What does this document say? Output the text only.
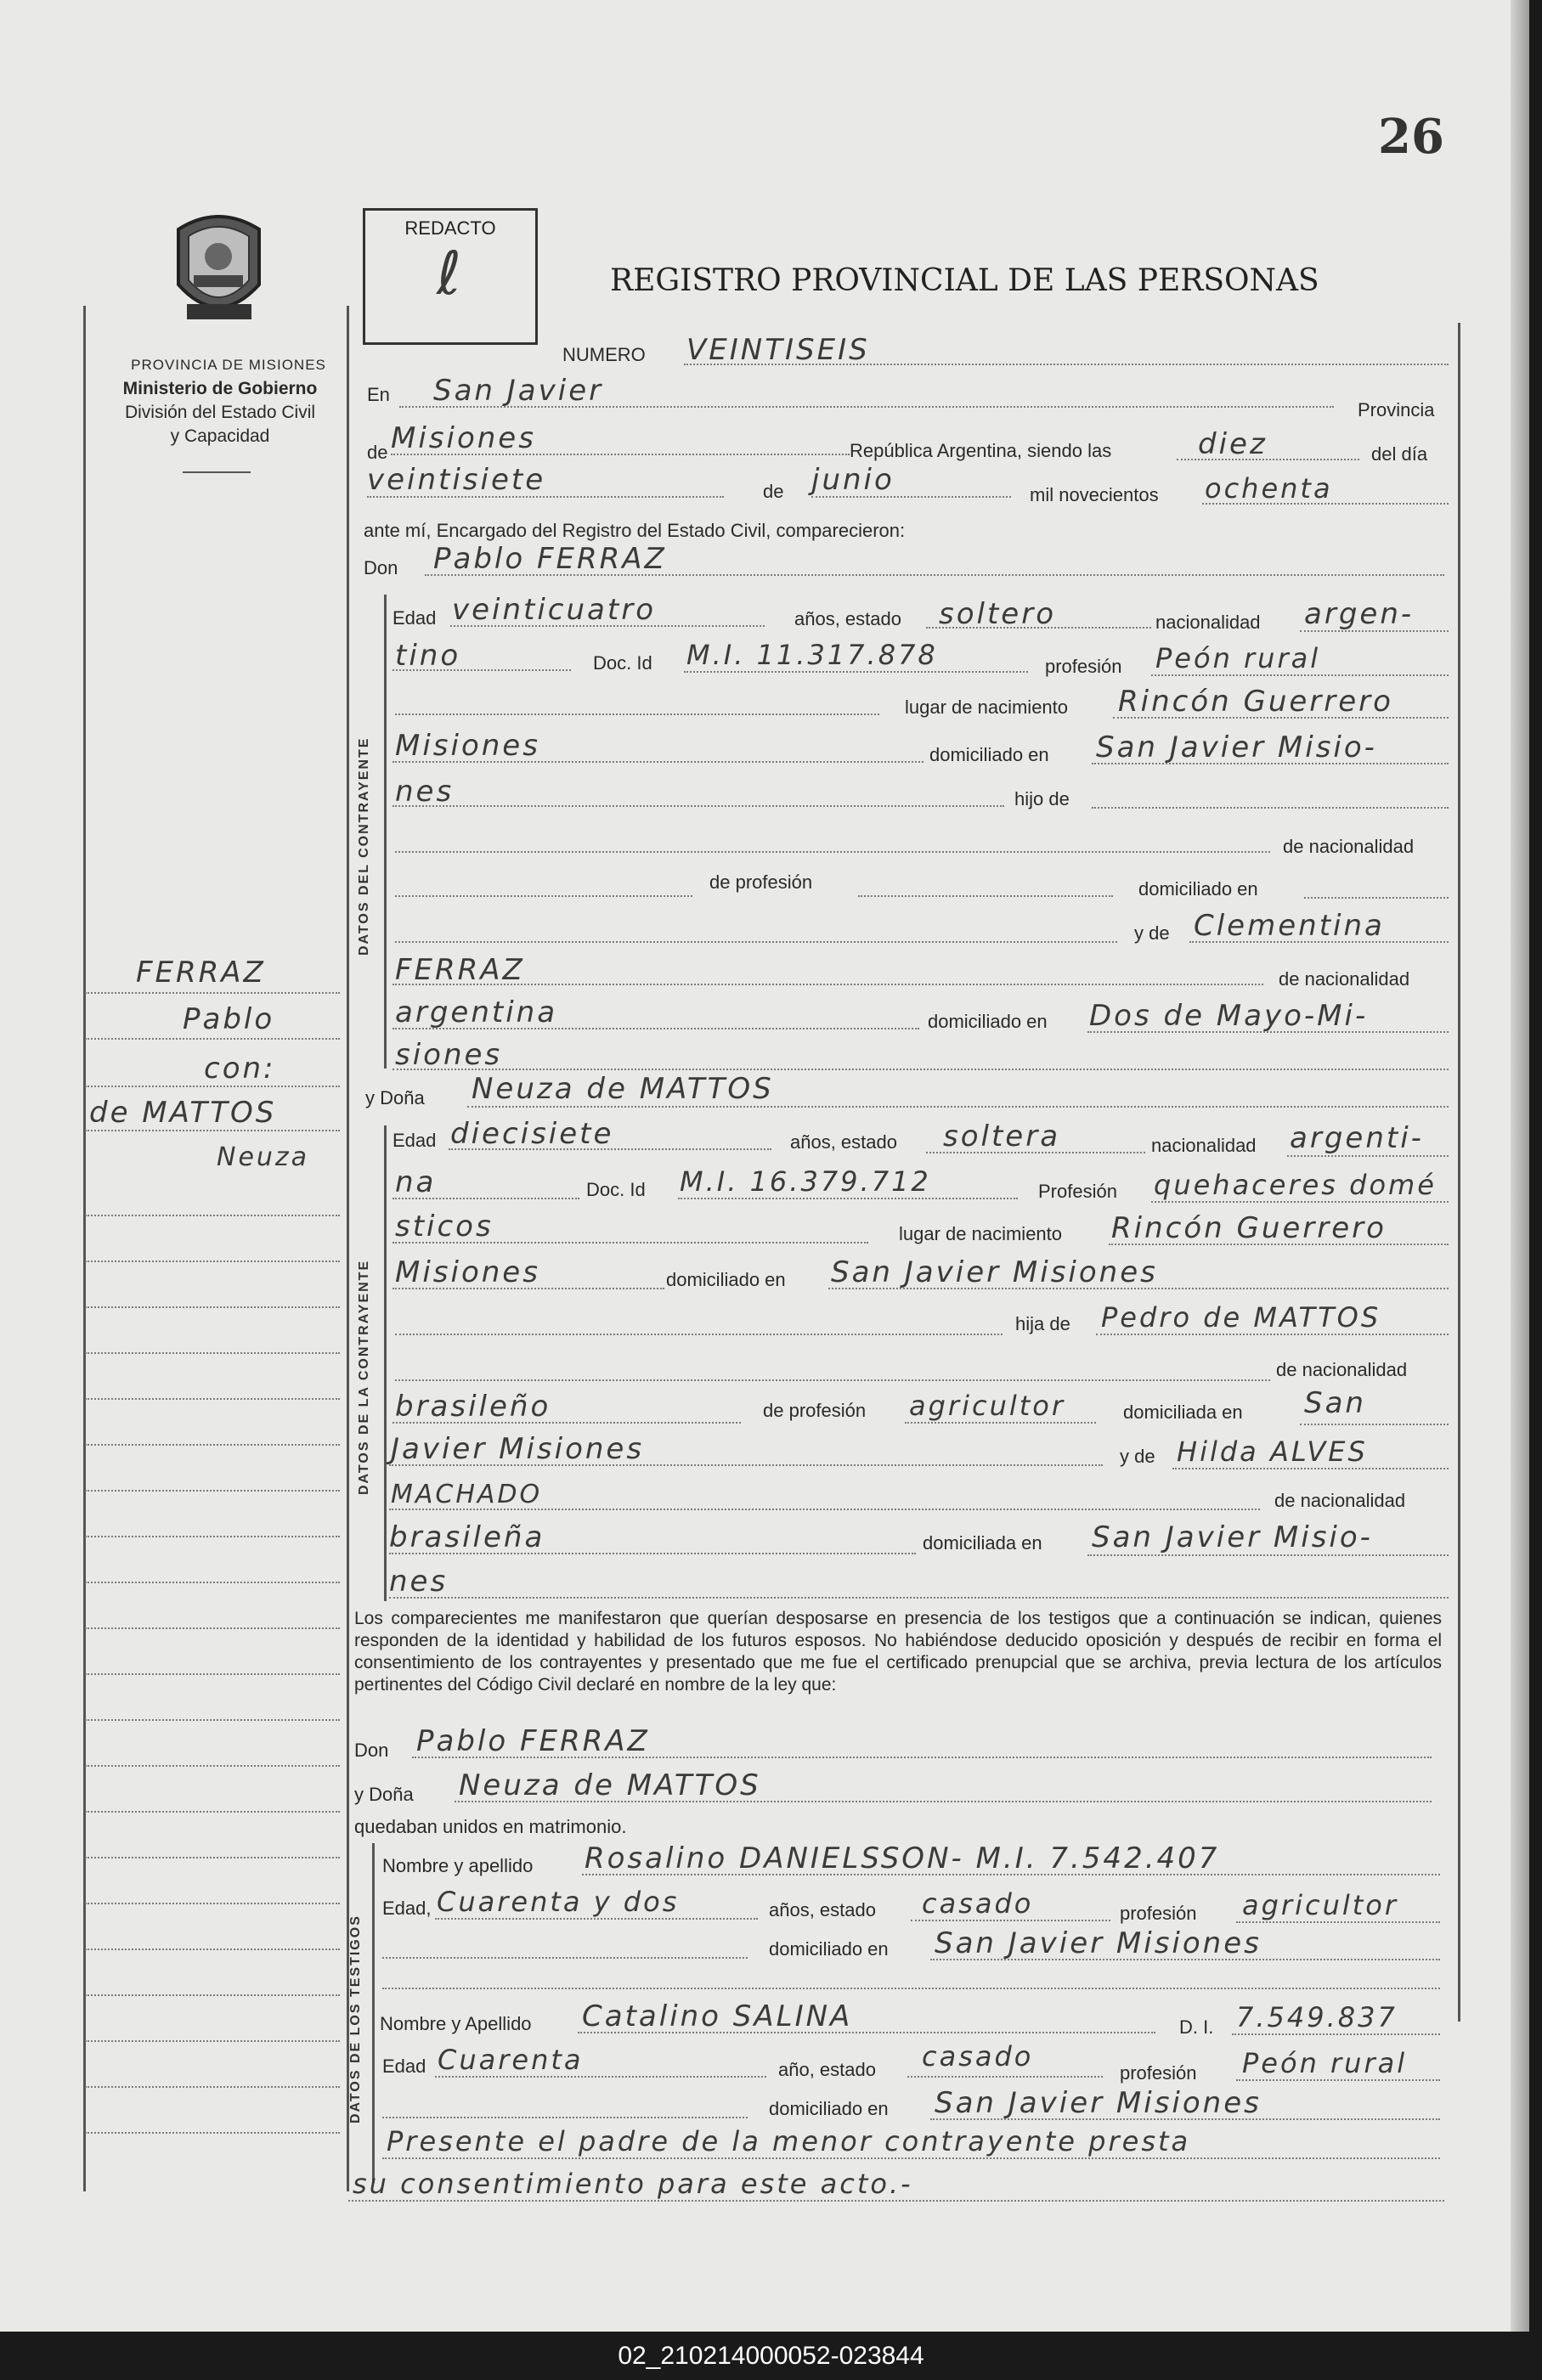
26
PROVINCIA DE MISIONES
Ministerio de Gobierno
División del Estado Civil
y Capacidad
REDACTO
ℓ	REGISTRO PROVINCIAL DE LAS PERSONAS
DATOS DEL CONTRAYENTE
DATOS DE LA CONTRAYENTE
DATOS DE LOS TESTIGOS
FERRAZ
Pablo
con:
de MATTOS
Neuza
NUMERO VEINTISEIS
En San Javier
Provincia
de Misiones	República Argentina, siendo las	diez	del día
veintisiete	de junio	mil novecientos ochenta
ante mí, Encargado del Registro del Estado Civil, comparecieron:
Don Pablo FERRAZ
Edad veinticuatro	años, estado soltero	nacionalidad argen-
tino	Doc. Id M.I. 11.317.878	profesión Peón rural
lugar de nacimiento Rincón Guerrero
Misiones	domiciliado en San Javier Misio-
nes	hijo de
de nacionalidad
de profesión	domiciliado en
y de Clementina
FERRAZ	de nacionalidad
argentina	domiciliado en Dos de Mayo-Mi-
siones
y Doña Neuza de MATTOS
Edad diecisiete	años, estado soltera	nacionalidad argenti-
na	Doc. Id M.I. 16.379.712	Profesión quehaceres domé
sticos	lugar de nacimiento Rincón Guerrero
Misiones	domiciliado en San Javier Misiones
hija de Pedro de MATTOS
de nacionalidad
brasileño	de profesión agricultor	domiciliada en San
Javier Misiones	y de Hilda ALVES
MACHADO	de nacionalidad
brasileña	domiciliada en San Javier Misio-
nes
Los comparecientes me manifestaron que querían desposarse en presencia de los testigos que a continuación se indican, quienes responden de la identidad y habilidad de los futuros esposos. No habiéndose deducido oposición y después de recibir en forma el consentimiento de los contrayentes y presentado que me fue el certificado prenupcial que se archiva, previa lectura de los artículos pertinentes del Código Civil declaré en nombre de la ley que:
Don Pablo FERRAZ
y Doña Neuza de MATTOS
quedaban unidos en matrimonio.
Nombre y apellido Rosalino DANIELSSON- M.I. 7.542.407
Edad, Cuarenta y dos	años, estado casado	profesión agricultor
domiciliado en San Javier Misiones
Nombre y Apellido Catalino SALINA	D. I. 7.549.837
Edad Cuarenta	año, estado casado
profesión Peón rural
domiciliado en San Javier Misiones
Presente el padre de la menor contrayente presta
su consentimiento para este acto.-
02_210214000052-023844
